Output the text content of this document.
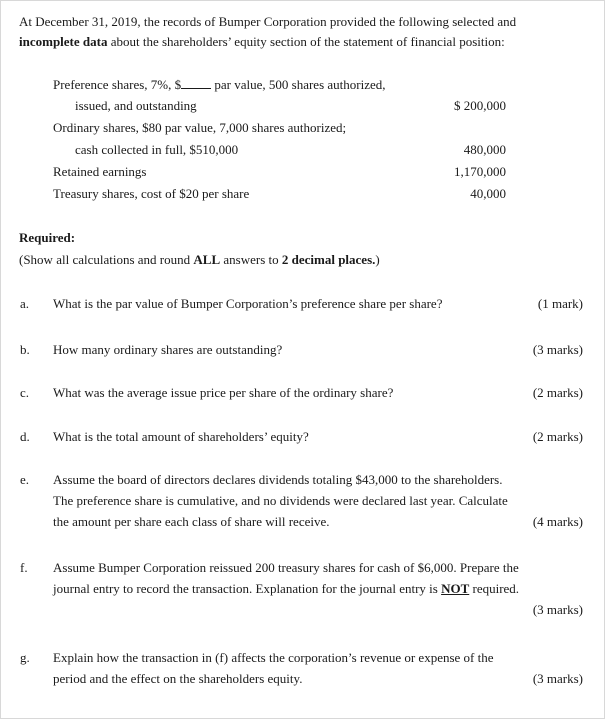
At December 31, 2019, the records of Bumper Corporation provided the following selected and
incomplete data about the shareholders’ equity section of the statement of financial position:
Preference shares, 7%, $	par value, 500 shares authorized,
issued, and outstanding	$ 200,000
Ordinary shares, $80 par value, 7,000 shares authorized;
cash collected in full, $510,000	480,000
Retained earnings	1,170,000
Treasury shares, cost of $20 per share	40,000
Required:
(Show all calculations and round ALL answers to 2 decimal places.)
a. What is the par value of Bumper Corporation’s preference share per share?	(1 mark)
b. How many ordinary shares are outstanding?	(3 marks)
c. What was the average issue price per share of the ordinary share?	(2 marks)
d. What is the total amount of shareholders’ equity?	(2 marks)
e. Assume the board of directors declares dividends totaling $43,000 to the shareholders.
The preference share is cumulative, and no dividends were declared last year. Calculate
the amount per share each class of share will receive.	(4 marks)
f. Assume Bumper Corporation reissued 200 treasury shares for cash of $6,000. Prepare the
journal entry to record the transaction. Explanation for the journal entry is NOT required.
(3 marks)
g. Explain how the transaction in (f) affects the corporation’s revenue or expense of the
period and the effect on the shareholders equity.	(3 marks)
